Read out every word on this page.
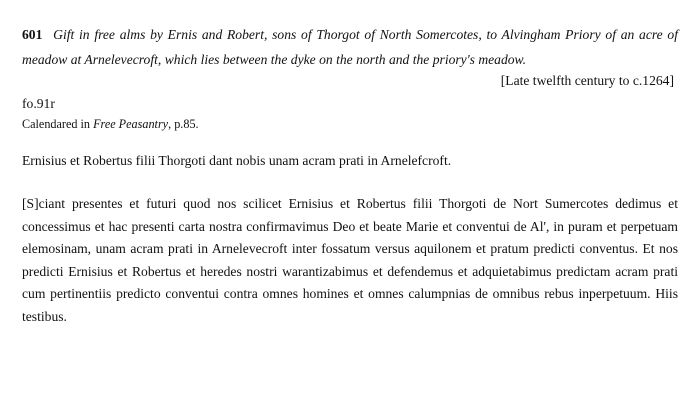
601 Gift in free alms by Ernis and Robert, sons of Thorgot of North Somercotes, to Alvingham Priory of an acre of meadow at Arnelevecroft, which lies between the dyke on the north and the priory's meadow.

[Late twelfth century to c.1264]

fo.91r

Calendared in Free Peasantry, p.85.

Ernisius et Robertus filii Thorgoti dant nobis unam acram prati in Arnelefcroft.

[S]ciant presentes et futuri quod nos scilicet Ernisius et Robertus filii Thorgoti de Nort Sumercotes dedimus et concessimus et hac presenti carta nostra confirmavimus Deo et beate Marie et conventui de Al', in puram et perpetuam elemosinam, unam acram prati in Arnelevecroft inter fossatum versus aquilonem et pratum predicti conventus. Et nos predicti Ernisius et Robertus et heredes nostri warantizabimus et defendemus et adquietabimus predictam acram prati cum pertinentiis predicto conventui contra omnes homines et omnes calumpnias de omnibus rebus inperpetuum. Hiis testibus.
